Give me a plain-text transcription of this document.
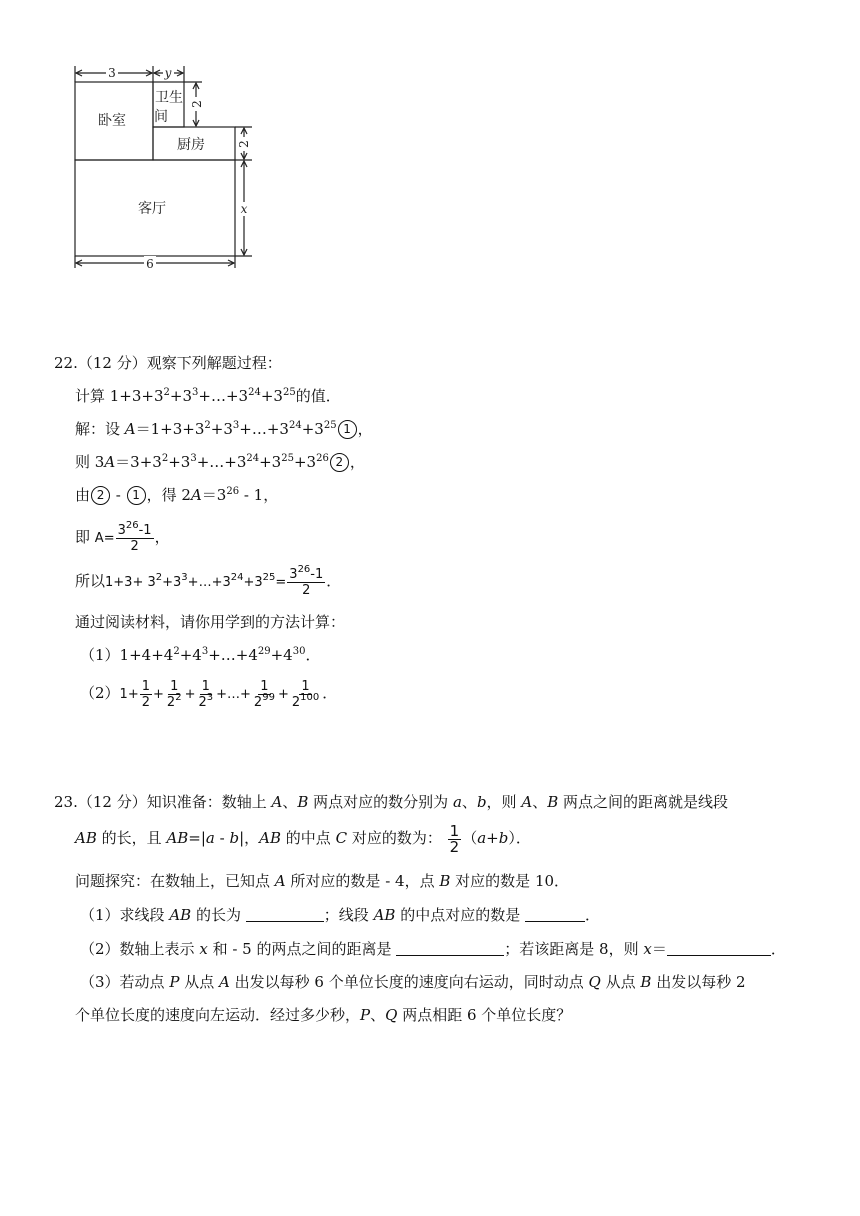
3	y
2
2
x
6
卧室
卫生
间
厨房
客厅
22.（12 分）观察下列解题过程：
计算 $1+3+3^2+3^3+\dots+3^{24}+3^{25}$的值．
解：设 $A=1+3+3^2+3^3+\dots+3^{24}+3^{25}$ 1 ，
则 $3A=3+3^2+3^3+\dots+3^{24}+3^{25}+3^{26}$ 2 ，
由 2 - 1 ，得 $2A=3^{26} - 1$，
即 $A= \frac{3^{26}-1}{2}$ ，
所以$1+3+ 3^2+3^3+\dots+3^{24}+3^{25}= \frac{3^{26}-1}{2}$ ．
通过阅读材料，请你用学到的方法计算：
$(1)1+4+4^2+4^3+\dots+4^{29}+4^{30}$．
$(2)1+ \frac{1}{2} + \frac{1}{2^2} + \frac{1}{2^3}$ +…+ $\frac{1}{2^{99}} + \frac{1}{2^{100}}$ ．
23.（12 分）知识准备：数轴上 A、B 两点对应的数分别为 a、b，则 A、B 两点之间的距离就是线段
AB 的长，且 AB=|a - b|，AB 的中点 C 对应的数为： $\frac{1}{2} (a+b)$．
问题探究：在数轴上，已知点 A 所对应的数是 - 4，点 B 对应的数是 10．
（1）求线段 AB 的长为	；线段 AB 的中点对应的数是	．
（2）数轴上表示 x 和 - 5 的两点之间的距离是	；若该距离是 8，则 x＝	．
（3）若动点 P 从点 A 出发以每秒 6 个单位长度的速度向右运动，同时动点 Q 从点 B 出发以每秒 2
个单位长度的速度向左运动．经过多少秒，P、Q 两点相距 6 个单位长度？
